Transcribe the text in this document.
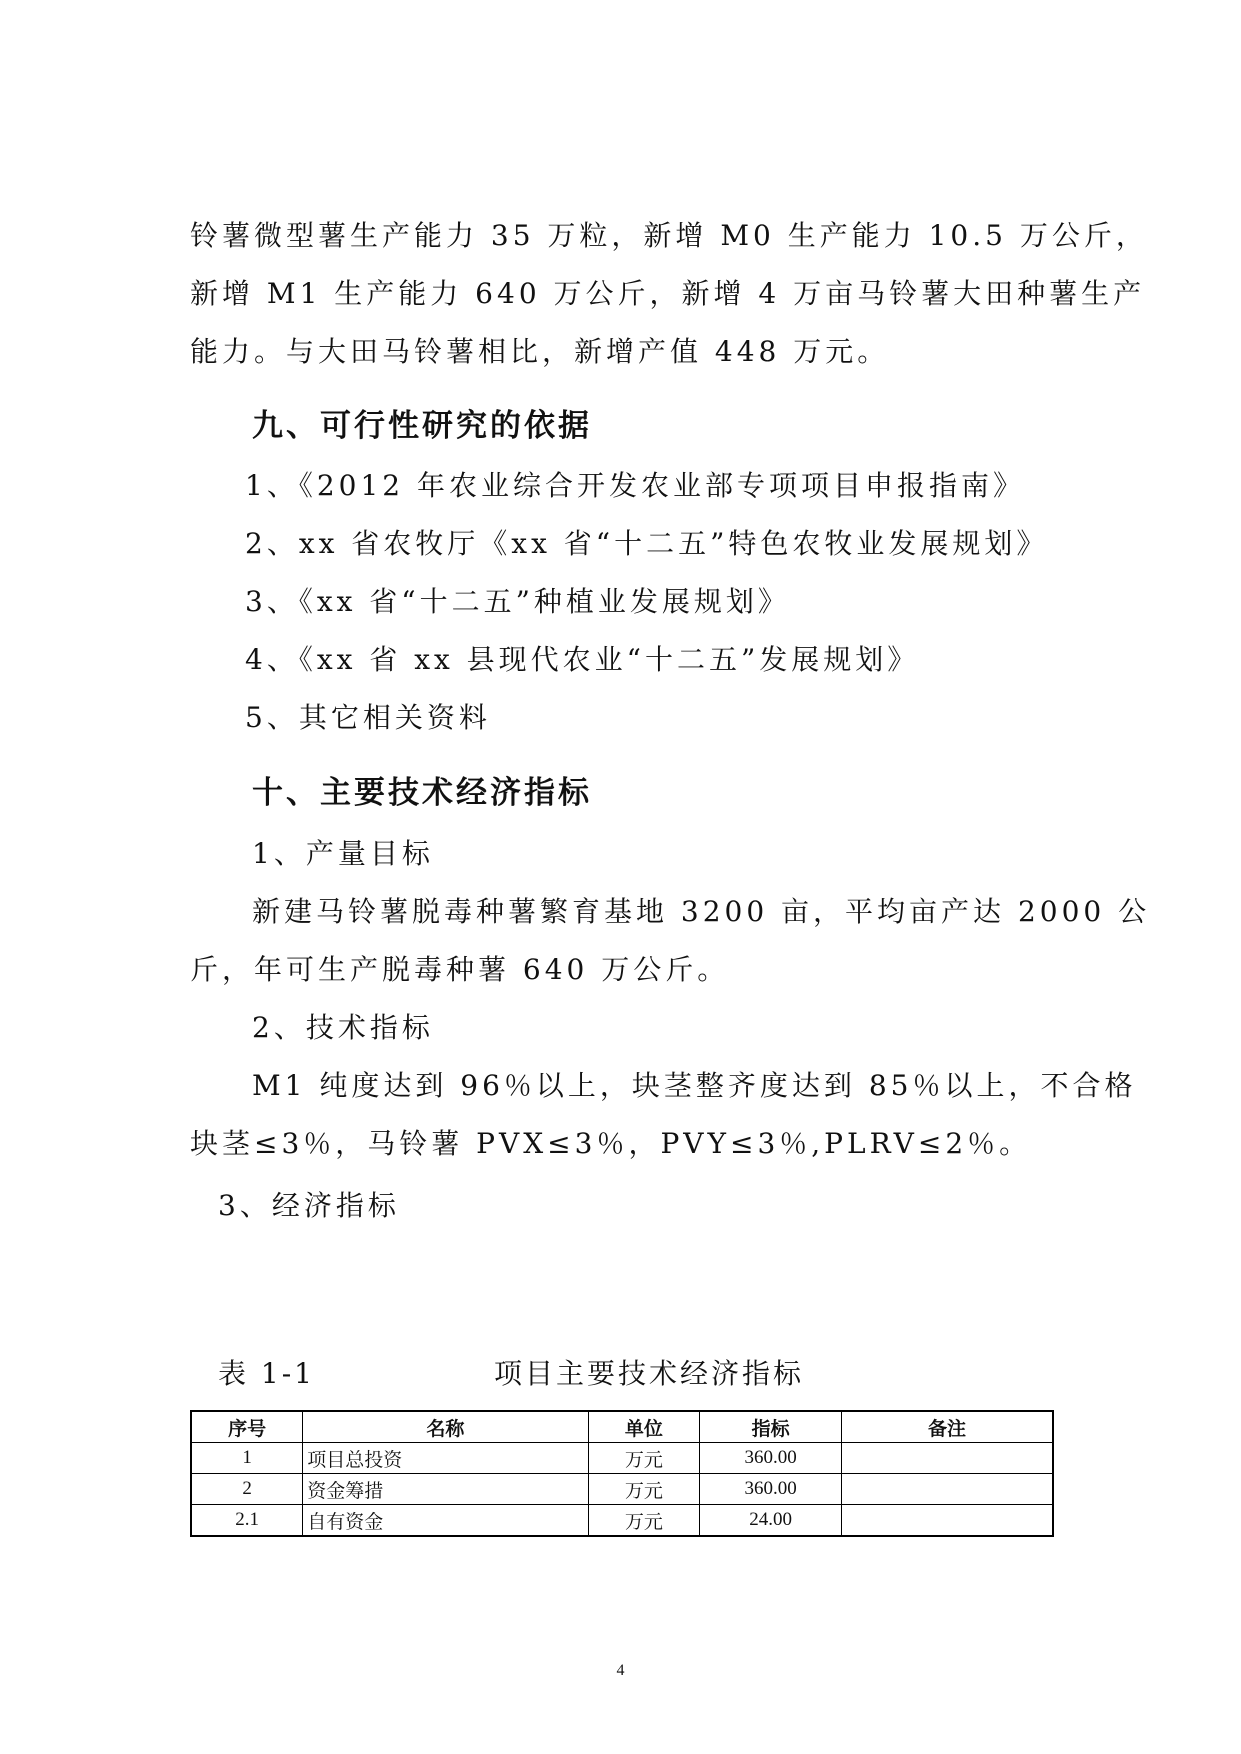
铃薯微型薯生产能力 35 万粒，新增 M0 生产能力 10.5 万公斤，
新增 M1 生产能力 640 万公斤，新增 4 万亩马铃薯大田种薯生产
能力。与大田马铃薯相比，新增产值 448 万元。
九、可行性研究的依据
1、《2012 年农业综合开发农业部专项项目申报指南》
2、xx 省农牧厅《xx 省“十二五”特色农牧业发展规划》
3、《xx 省“十二五”种植业发展规划》
4、《xx 省 xx 县现代农业“十二五”发展规划》
5、其它相关资料
十、主要技术经济指标
1、产量目标
新建马铃薯脱毒种薯繁育基地 3200 亩，平均亩产达 2000 公
斤，年可生产脱毒种薯 640 万公斤。
2、技术指标
M1 纯度达到 96％以上，块茎整齐度达到 85％以上，不合格
块茎≤3％，马铃薯 PVX≤3％，PVY≤3％,PLRV≤2％。
3、经济指标
表 1-1	项目主要技术经济指标
序号	名称	单位	指标	备注
1	项目总投资	万元	360.00	
2	资金筹措	万元	360.00	
2.1	自有资金	万元	24.00	
4
